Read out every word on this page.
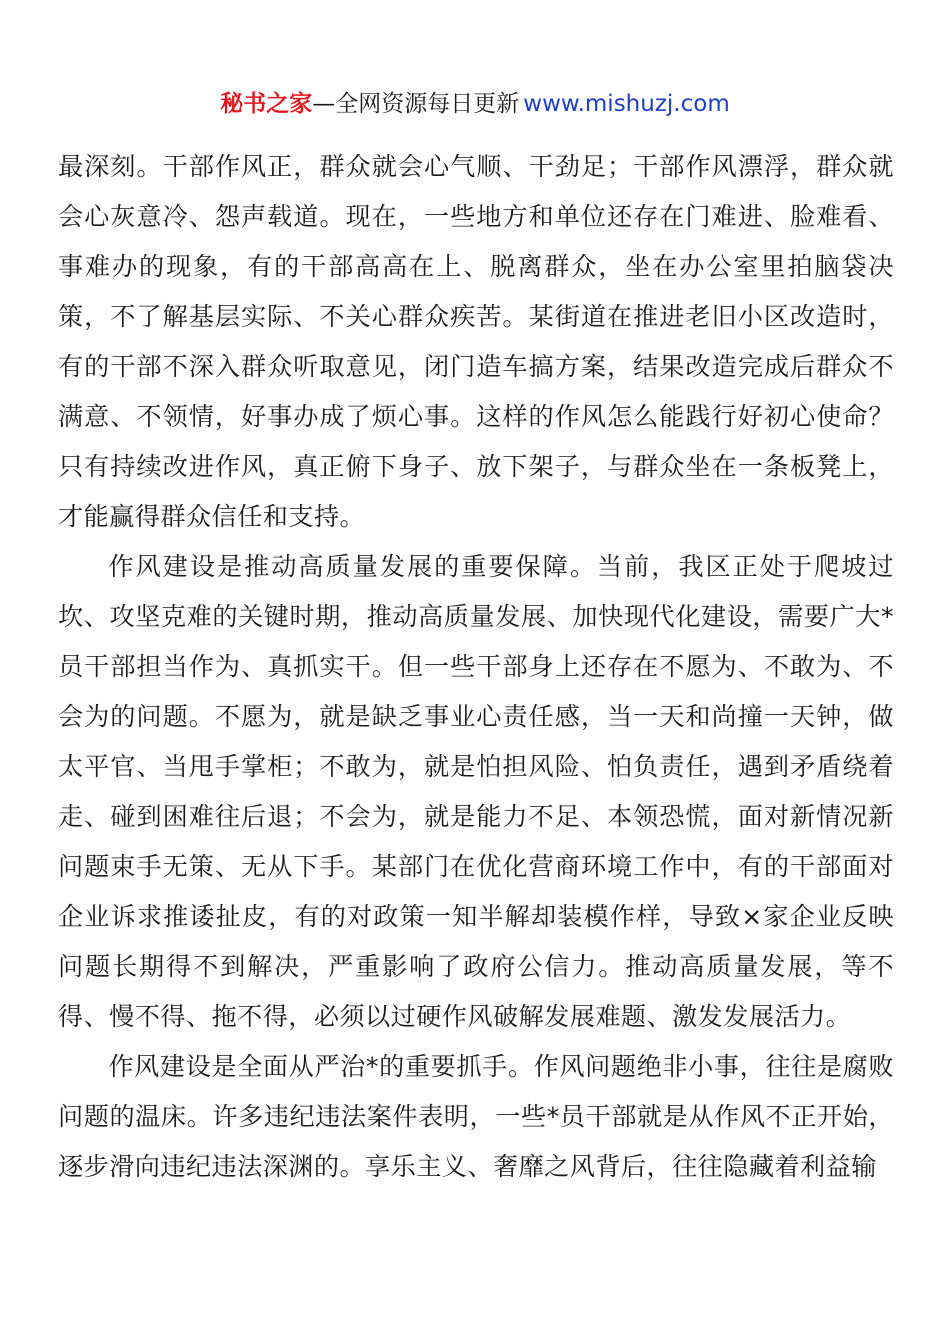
秘书之家—全网资源每日更新 www.mishuzj.com

最深刻。干部作风正，群众就会心气顺、干劲足；干部作风漂浮，群众就会心灰意冷、怨声载道。现在，一些地方和单位还存在门难进、脸难看、事难办的现象，有的干部高高在上、脱离群众，坐在办公室里拍脑袋决策，不了解基层实际、不关心群众疾苦。某街道在推进老旧小区改造时，有的干部不深入群众听取意见，闭门造车搞方案，结果改造完成后群众不满意、不领情，好事办成了烦心事。这样的作风怎么能践行好初心使命？只有持续改进作风，真正俯下身子、放下架子，与群众坐在一条板凳上，才能赢得群众信任和支持。

作风建设是推动高质量发展的重要保障。当前，我区正处于爬坡过坎、攻坚克难的关键时期，推动高质量发展、加快现代化建设，需要广大*员干部担当作为、真抓实干。但一些干部身上还存在不愿为、不敢为、不会为的问题。不愿为，就是缺乏事业心责任感，当一天和尚撞一天钟，做太平官、当甩手掌柜；不敢为，就是怕担风险、怕负责任，遇到矛盾绕着走、碰到困难往后退；不会为，就是能力不足、本领恐慌，面对新情况新问题束手无策、无从下手。某部门在优化营商环境工作中，有的干部面对企业诉求推诿扯皮，有的对政策一知半解却装模作样，导致×家企业反映问题长期得不到解决，严重影响了政府公信力。推动高质量发展，等不得、慢不得、拖不得，必须以过硬作风破解发展难题、激发发展活力。

作风建设是全面从严治*的重要抓手。作风问题绝非小事，往往是腐败问题的温床。许多违纪违法案件表明，一些*员干部就是从作风不正开始，逐步滑向违纪违法深渊的。享乐主义、奢靡之风背后，往往隐藏着利益输
